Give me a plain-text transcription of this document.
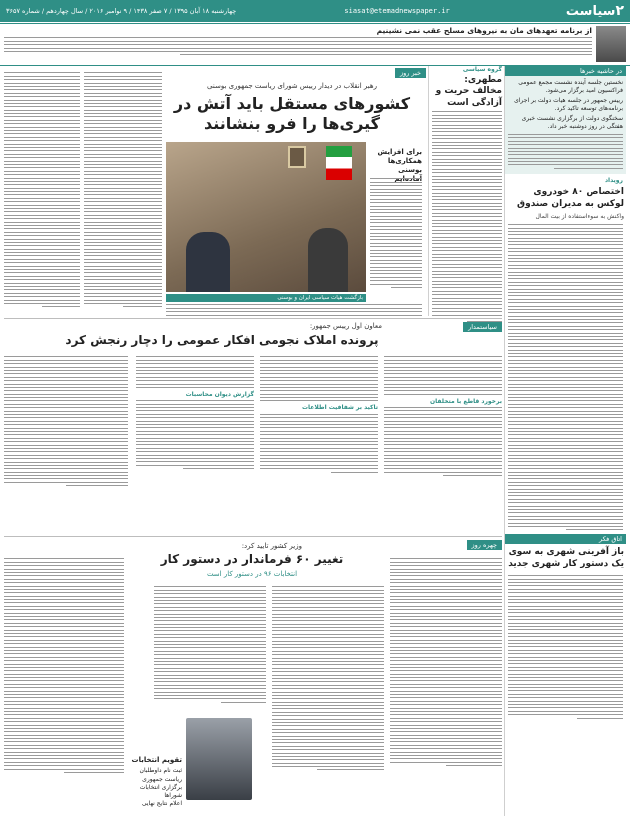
۲
سیاست
siasat@etemadnewspaper.ir
چهارشنبه ۱۸ آبان ۱۳۹۵ / ۷ صفر ۱۴۳۸ / ۹ نوامبر ۲۰۱۶ / سال چهاردهم / شماره ۳۶۵۷
از برنامه تعهدهای مان به نیروهای مسلح عقب نمی نشینیم
در حاشیه خبرها

نخستین جلسه آینده نشست مجمع عمومی فراکسیون امید برگزار می‌شود.

رییس جمهور در جلسه هیات دولت بر اجرای برنامه‌های توسعه تاکید کرد.

سخنگوی دولت از برگزاری نشست خبری هفتگی در روز دوشنبه خبر داد.

رویداد
اختصاص ۸۰ خودروی لوکس به مدیران صندوق
واکنش به سوءاستفاده از بیت المال
اتاق فکر
باز آفرینی شهری به سوی یک دستور کار شهری جدید
گروه سیاسی
مطهری: مخالف حریت و آزادگی است
خبر روز
رهبر انقلاب در دیدار رییس شورای ریاست جمهوری بوسنی
کشورهای مستقل باید آتش در گیری‌ها را فرو بنشانند
بازگشت هیات سیاسی ایران و بوسنی
برای افزایش همکاری‌ها بوسنی
سیاستمدار
معاون اول رییس جمهور:
پرونده املاک نجومی افکار عمومی را دچار رنجش کرد
برخورد قاطع با متخلفان
تاکید بر شفافیت اطلاعات
گزارش دیوان محاسبات
چهره روز
وزیر کشور تایید کرد:
تغییر ۶۰ فرماندار در دستور کار
انتخابات ۹۶ در دستور کار است
تقویم انتخابات
ثبت نام داوطلبان ریاست جمهوری
برگزاری انتخابات شوراها
اعلام نتایج نهایی
